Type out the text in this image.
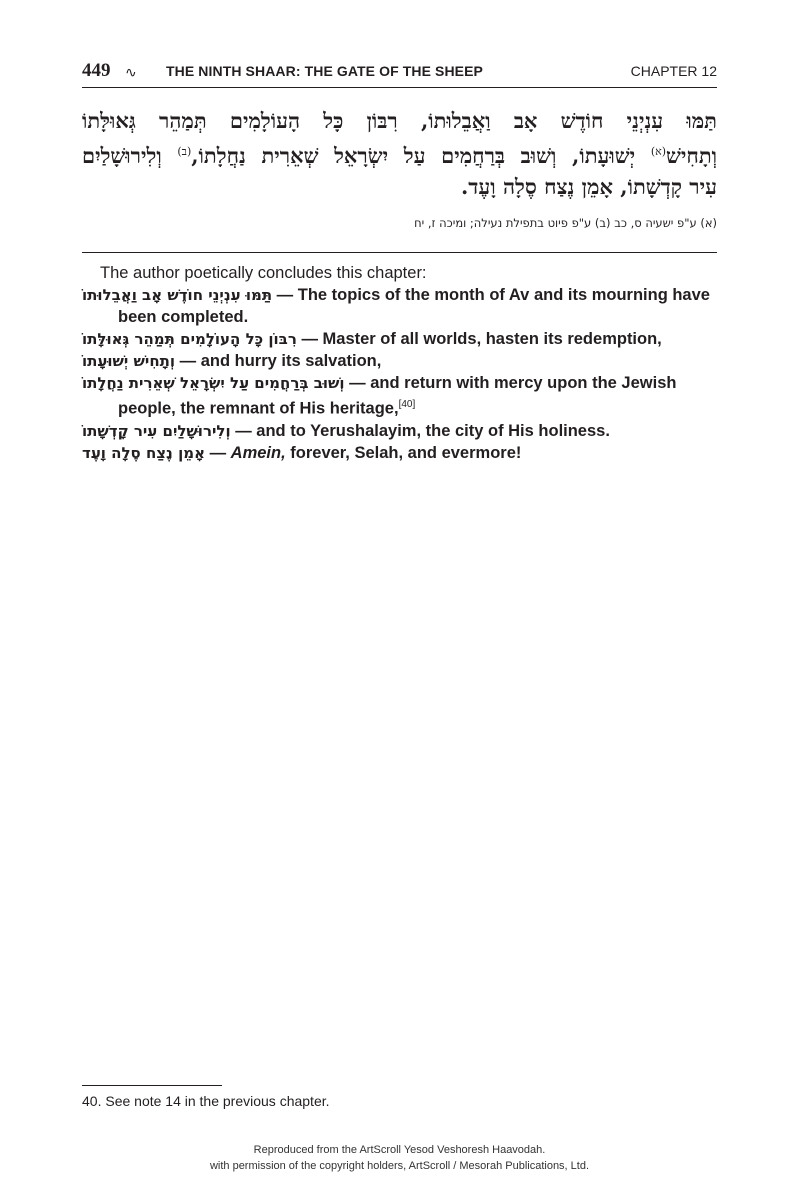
449 ∿ THE NINTH SHAAR: THE GATE OF THE SHEEP	CHAPTER 12
תַּמּוּ עִנְיְנֵי חוֹדֶשׁ אָב וַאֲבֵלוּתוֹ, רִבּוֹן כָּל הָעוֹלָמִים תְּמַהֵר גְּאוּלָּתוֹ
וְתָחִישׁ$^{(א)}$ יְשׁוּעָתוֹ, וְשׁוּב בְּרַחֲמִים עַל יִשְׂרָאֵל שְׁאֵרִית נַחֲלָתוֹ,$^{(ב)}$ וְלִירוּשָׁלַיִם
עִיר קָדְשָׁתוֹ, אָמֵן נֶצַח סֶלָה וָעֶד.
(א) ע"פ ישעיה ס, כב (ב) ע"פ פיוט בתפילת נעילה; ומיכה ז, יח
The author poetically concludes this chapter:
תַּמּוּ עִנְיְנֵי חוֹדֶשׁ אָב וַאֲבֵלוּתוֹ — The topics of the month of Av and its mourning have been completed.
רִבּוֹן כָּל הָעוֹלָמִים תְּמַהֵר גְּאוּלָּתוֹ — Master of all worlds, hasten its redemption,
וְתָחִישׁ יְשׁוּעָתוֹ — and hurry its salvation,
וְשׁוּב בְּרַחֲמִים עַל יִשְׂרָאֵל שְׁאֵרִית נַחֲלָתוֹ — and return with mercy upon the Jewish people, the remnant of His heritage,[40]
וְלִירוּשָׁלַיִם עִיר קָדְשָׁתוֹ — and to Yerushalayim, the city of His holiness.
אָמֵן נֶצַח סֶלָה וָעֶד — Amein, forever, Selah, and evermore!
40. See note 14 in the previous chapter.
Reproduced from the ArtScroll Yesod Veshoresh Haavodah.
with permission of the copyright holders, ArtScroll / Mesorah Publications, Ltd.
